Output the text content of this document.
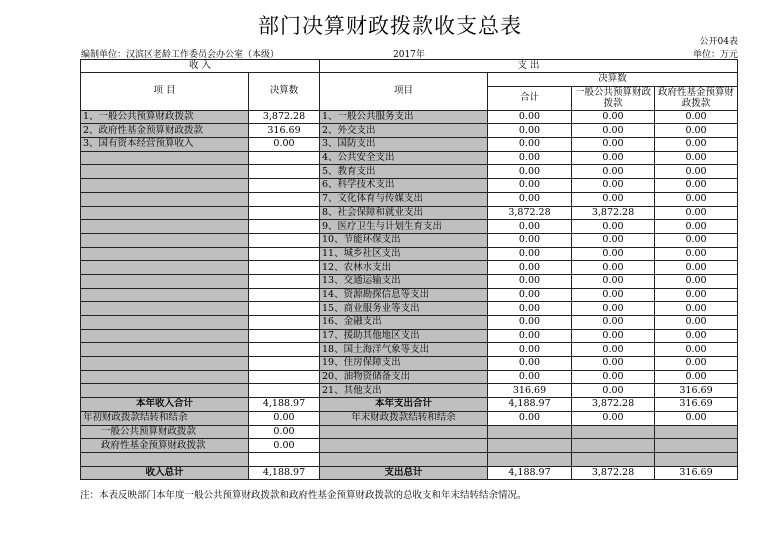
部门决算财政拨款收支总表
公开04表
编制单位：汉滨区老龄工作委员会办公室（本级）	2017年	单位：万元
收 入		支 出			
项 目	决算数	项目	决算数		
			合计	一般公共预算财政拨款	政府性基金预算财政拨款
1、一般公共预算财政拨款	3,872.28	1、一般公共服务支出	0.00	0.00	0.00
2、政府性基金预算财政拨款	316.69	2、外交支出	0.00	0.00	0.00
3、国有资本经营预算收入	0.00	3、国防支出	0.00	0.00	0.00
		4、公共安全支出	0.00	0.00	0.00
		5、教育支出	0.00	0.00	0.00
		6、科学技术支出	0.00	0.00	0.00
		7、文化体育与传媒支出	0.00	0.00	0.00
		8、社会保障和就业支出	3,872.28	3,872.28	0.00
		9、医疗卫生与计划生育支出	0.00	0.00	0.00
		10、节能环保支出	0.00	0.00	0.00
		11、城乡社区支出	0.00	0.00	0.00
		12、农林水支出	0.00	0.00	0.00
		13、交通运输支出	0.00	0.00	0.00
		14、资源勘探信息等支出	0.00	0.00	0.00
		15、商业服务业等支出	0.00	0.00	0.00
		16、金融支出	0.00	0.00	0.00
		17、援助其他地区支出	0.00	0.00	0.00
		18、国土海洋气象等支出	0.00	0.00	0.00
		19、住房保障支出	0.00	0.00	0.00
		20、油物资储备支出	0.00	0.00	0.00
		21、其他支出	316.69	0.00	316.69
本年收入合计	4,188.97	本年支出合计	4,188.97	3,872.28	316.69
年初财政拨款结转和结余	0.00	年末财政拨款结转和结余	0.00	0.00	0.00
一般公共预算财政拨款	0.00				
政府性基金预算财政拨款	0.00				

收入总计	4,188.97	支出总计	4,188.97	3,872.28	316.69
注：本表反映部门本年度一般公共预算财政拨款和政府性基金预算财政拨款的总收支和年末结转结余情况。
